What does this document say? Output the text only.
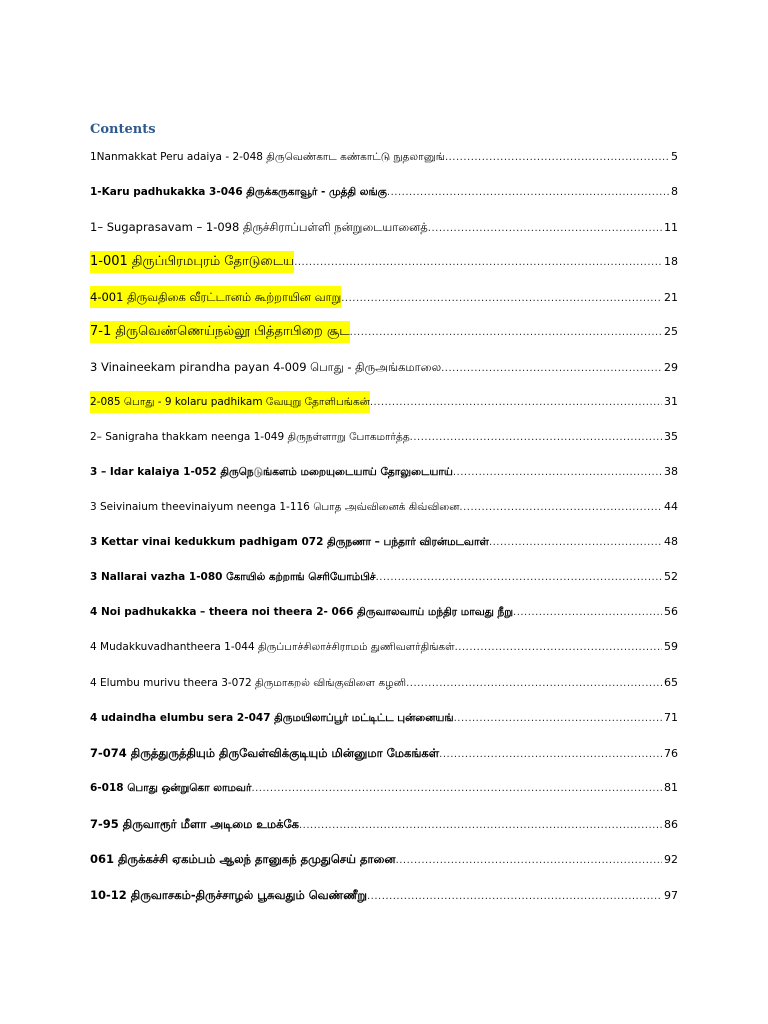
Contents
1Nanmakkat Peru adaiya - 2-048 திருவெண்காட கண்காட்டு நுதலானுங் .....	5
1-Karu padhukakka 3-046 திருக்கருகாவூர் - முத்தி லங்கு .....	8
1– Sugaprasavam – 1-098 திருச்சிராப்பள்ளி நன்றுடையானைத் .....	11
1-001 திருப்பிரமபுரம் தோடுடைய .....	18
4-001 திருவதிகை வீரட்டானம் கூற்றாயின வாறு .....	21
7-1 திருவெண்ணெய்நல்லூ பித்தாபிறை சூட .....	25
3 Vinaineekam pirandha payan 4-009 பொது - திருஅங்கமாலை .....	29
2-085 பொது - 9 kolaru padhikam வேயுறு தோளிபங்கன் .....	31
2– Sanigraha thakkam neenga 1-049 திருநள்ளாறு போகமார்த்த .....	35
3 – Idar kalaiya 1-052 திருநெடுங்களம் மறையுடையாய் தோலுடையாய் .....	38
3 Seivinaium theevinaiyum neenga 1-116 பொத அவ்வினைக் கிவ்வினை .....	44
3 Kettar vinai kedukkum padhigam 072 திருநணா – பந்தார் விரன்மடவாள் .....	48
3 Nallarai vazha 1-080 கோயில் கற்றாங் செரியோம்பிச் .....	52
4 Noi padhukakka – theera noi theera 2- 066 திருவாலவாய் மந்திர மாவது நீறு .....	56
4 Mudakkuvadhantheera 1-044 திருப்பாச்சிலாச்சிராமம் துணிவளர்திங்கள் .....	59
4 Elumbu murivu theera 3-072 திருமாகறல் விங்குவிளை கழனி .....	65
4 udaindha elumbu sera 2-047 திருமயிலாப்பூர் மட்டிட்ட புன்னையங் .....	71
7-074 திருத்துருத்தியும் திருவேள்விக்குடியும் மின்னுமா மேகங்கள் .....	76
6-018 பொது ஒன்றுகொ லாமவர் .....	81
7-95 திருவாரூர் மீளா அடிமை உமக்கே .....	86
061 திருக்கச்சி ஏகம்பம் ஆலந் தானுகந் தமுதுசெய் தானை .....	92
10-12 திருவாசகம்-திருச்சாழல் பூசுவதும் வெண்ணீறு .....	97
